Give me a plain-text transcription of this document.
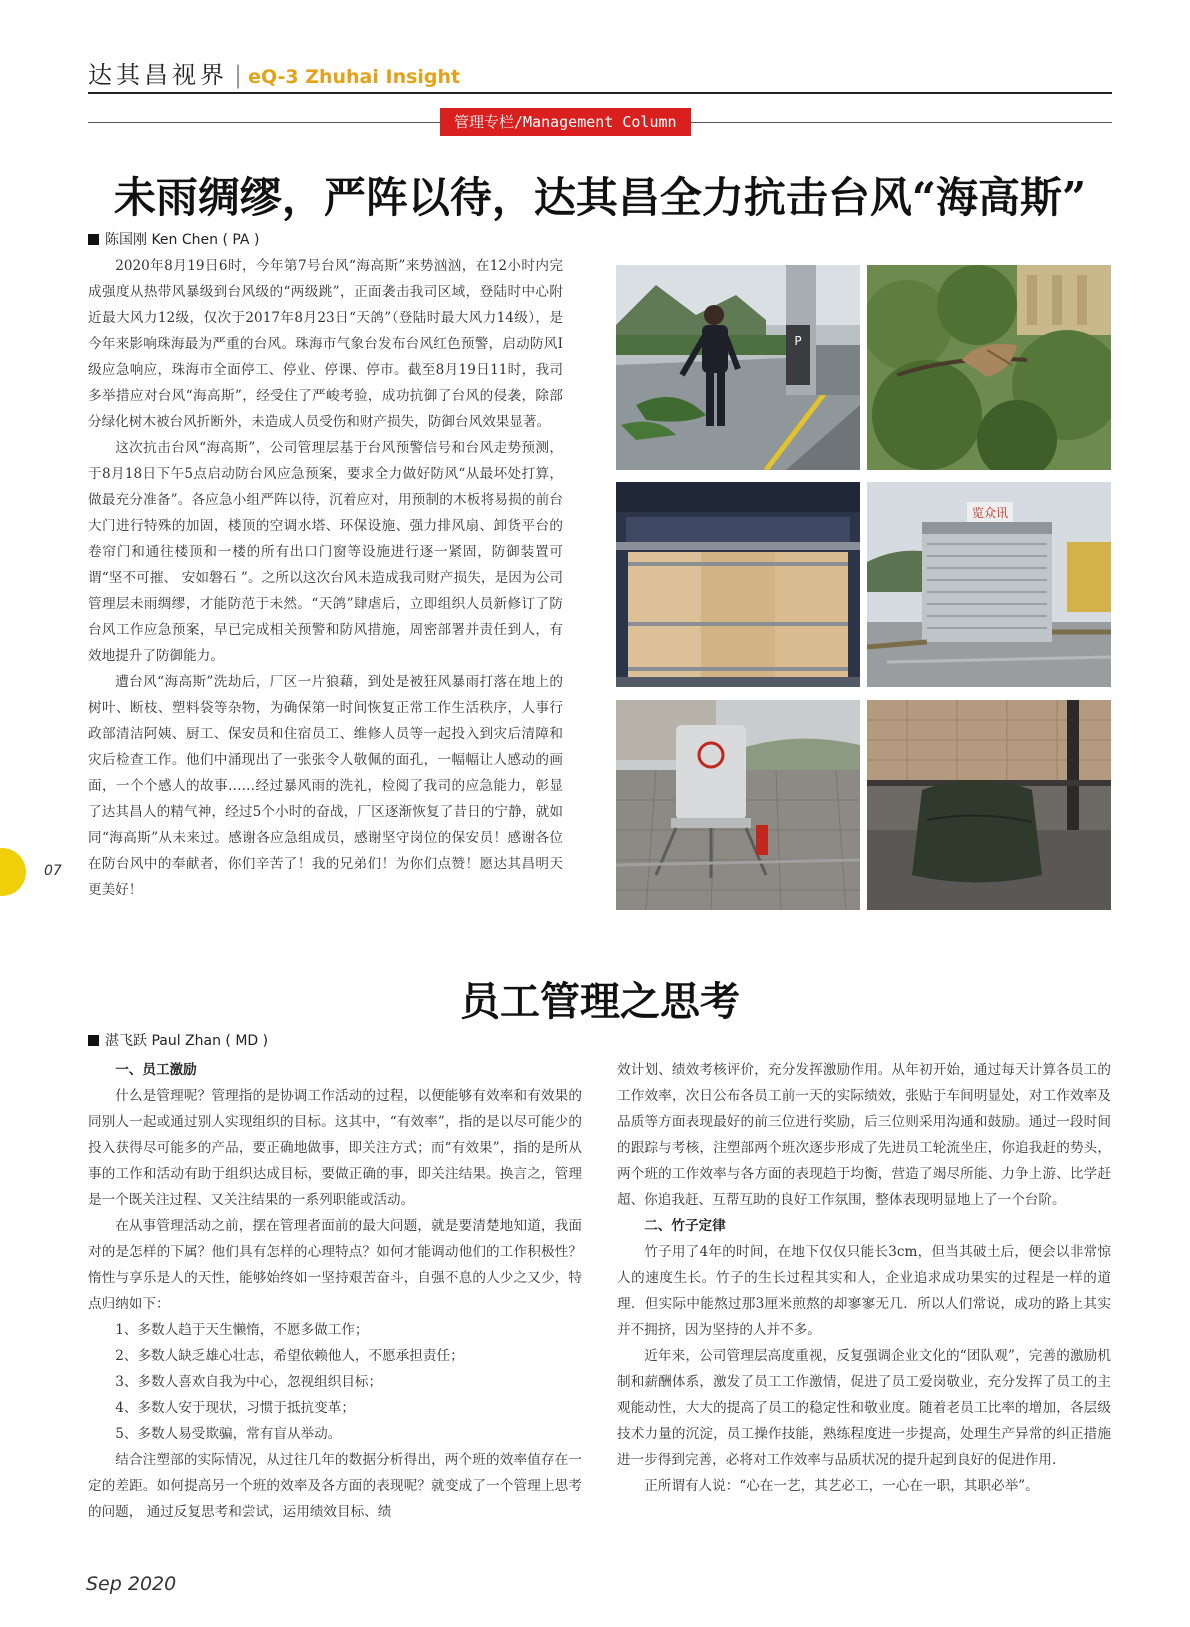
达其昌视界 | eQ-3 Zhuhai Insight
管理专栏/Management Column
未雨绸缪，严阵以待，达其昌全力抗击台风“海高斯”
陈国刚 Ken Chen ( PA )

2020年8月19日6时，今年第7号台风“海高斯”来势汹汹，在12小时内完成强度从热带风暴级到台风级的“两级跳”，正面袭击我司区域，登陆时中心附近最大风力12级，仅次于2017年8月23日“天鸽”（登陆时最大风力14级），是今年来影响珠海最为严重的台风。珠海市气象台发布台风红色预警，启动防风Ⅰ级应急响应，珠海市全面停工、停业、停课、停市。截至8月19日11时，我司多举措应对台风“海高斯”，经受住了严峻考验，成功抗御了台风的侵袭，除部分绿化树木被台风折断外，未造成人员受伤和财产损失，防御台风效果显著。

这次抗击台风“海高斯”，公司管理层基于台风预警信号和台风走势预测，于8月18日下午5点启动防台风应急预案，要求全力做好防风“从最坏处打算，做最充分准备”。各应急小组严阵以待，沉着应对，用预制的木板将易损的前台大门进行特殊的加固，楼顶的空调水塔、环保设施、强力排风扇、卸货平台的卷帘门和通往楼顶和一楼的所有出口门窗等设施进行逐一紧固，防御装置可谓“坚不可摧、 安如磐石 ”。之所以这次台风未造成我司财产损失，是因为公司管理层未雨绸缪，才能防范于未然。“天鸽”肆虐后，立即组织人员新修订了防台风工作应急预案，早已完成相关预警和防风措施，周密部署并责任到人，有效地提升了防御能力。

遭台风“海高斯”洗劫后，厂区一片狼藉，到处是被狂风暴雨打落在地上的树叶、断枝、塑料袋等杂物，为确保第一时间恢复正常工作生活秩序，人事行政部清洁阿姨、厨工、保安员和住宿员工、维修人员等一起投入到灾后清障和灾后检查工作。他们中涌现出了一张张令人敬佩的面孔，一幅幅让人感动的画面，一个个感人的故事……经过暴风雨的洗礼，检阅了我司的应急能力，彰显了达其昌人的精气神，经过5个小时的奋战，厂区逐渐恢复了昔日的宁静，就如同“海高斯”从未来过。感谢各应急组成员，感谢坚守岗位的保安员！感谢各位在防台风中的奉献者，你们辛苦了！我的兄弟们！为你们点赞！愿达其昌明天更美好！

P
览众讯
07
员工管理之思考
湛飞跃 Paul Zhan ( MD )

一、员工激励

什么是管理呢？管理指的是协调工作活动的过程，以便能够有效率和有效果的同别人一起或通过别人实现组织的目标。这其中，“有效率”，指的是以尽可能少的投入获得尽可能多的产品，要正确地做事，即关注方式；而“有效果”，指的是所从事的工作和活动有助于组织达成目标，要做正确的事，即关注结果。换言之，管理是一个既关注过程、又关注结果的一系列职能或活动。

在从事管理活动之前，摆在管理者面前的最大问题，就是要清楚地知道，我面对的是怎样的下属？他们具有怎样的心理特点？如何才能调动他们的工作积极性？惰性与享乐是人的天性，能够始终如一坚持艰苦奋斗，自强不息的人少之又少，特点归纳如下：

1、多数人趋于天生懒惰，不愿多做工作；

2、多数人缺乏雄心壮志，希望依赖他人，不愿承担责任；

3、多数人喜欢自我为中心，忽视组织目标；

4、多数人安于现状，习惯于抵抗变革；

5、多数人易受欺骗，常有盲从举动。

结合注塑部的实际情况，从过往几年的数据分析得出，两个班的效率值存在一定的差距。如何提高另一个班的效率及各方面的表现呢？就变成了一个管理上思考的问题， 通过反复思考和尝试，运用绩效目标、绩

效计划、绩效考核评价，充分发挥激励作用。从年初开始，通过每天计算各员工的工作效率，次日公布各员工前一天的实际绩效，张贴于车间明显处，对工作效率及品质等方面表现最好的前三位进行奖励，后三位则采用沟通和鼓励。通过一段时间的跟踪与考核，注塑部两个班次逐步形成了先进员工轮流坐庄，你追我赶的势头，两个班的工作效率与各方面的表现趋于均衡，营造了竭尽所能、力争上游、比学赶超、你追我赶、互帮互助的良好工作氛围，整体表现明显地上了一个台阶。

二、竹子定律

竹子用了4年的时间，在地下仅仅只能长3cm，但当其破土后，便会以非常惊人的速度生长。竹子的生长过程其实和人，企业追求成功果实的过程是一样的道理．但实际中能熬过那3厘米煎熬的却寥寥无几．所以人们常说，成功的路上其实并不拥挤，因为坚持的人并不多。

近年来，公司管理层高度重视，反复强调企业文化的“团队观”，完善的激励机制和薪酬体系，激发了员工工作激情，促进了员工爱岗敬业，充分发挥了员工的主观能动性，大大的提高了员工的稳定性和敬业度。随着老员工比率的增加，各层级技术力量的沉淀，员工操作技能，熟练程度进一步提高，处理生产异常的纠正措施进一步得到完善，必将对工作效率与品质状况的提升起到良好的促进作用.

正所谓有人说：“心在一艺，其艺必工，一心在一职，其职必举”。

Sep 2020
